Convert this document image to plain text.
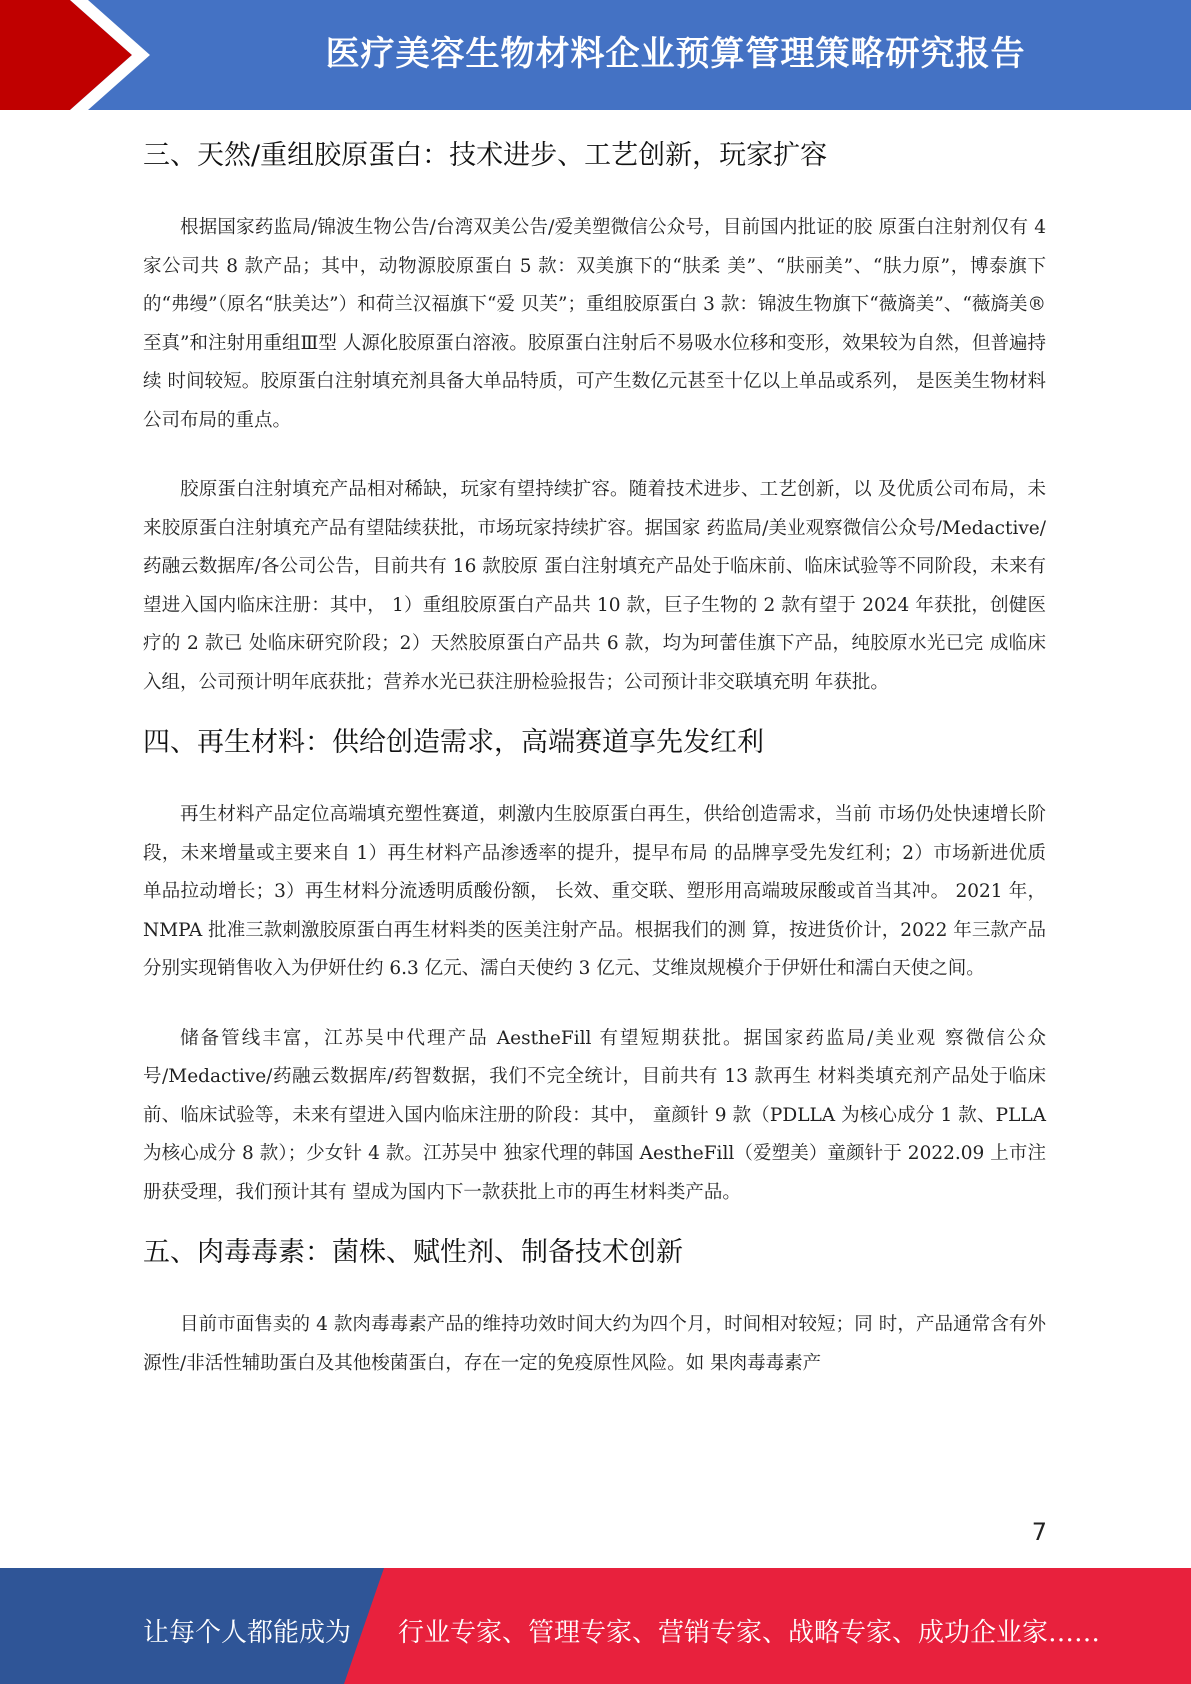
医疗美容生物材料企业预算管理策略研究报告
三、天然/重组胶原蛋白：技术进步、工艺创新，玩家扩容

根据国家药监局/锦波生物公告/台湾双美公告/爱美塑微信公众号，目前国内批证的胶 原蛋白注射剂仅有 4 家公司共 8 款产品；其中，动物源胶原蛋白 5 款：双美旗下的“肤柔 美”、“肤丽美”、“肤力原”，博泰旗下的“弗缦”（原名“肤美达”）和荷兰汉福旗下“爱 贝芙”；重组胶原蛋白 3 款：锦波生物旗下“薇旖美”、“薇旖美®至真”和注射用重组Ⅲ型 人源化胶原蛋白溶液。胶原蛋白注射后不易吸水位移和变形，效果较为自然，但普遍持续 时间较短。胶原蛋白注射填充剂具备大单品特质，可产生数亿元甚至十亿以上单品或系列， 是医美生物材料公司布局的重点。

胶原蛋白注射填充产品相对稀缺，玩家有望持续扩容。随着技术进步、工艺创新，以 及优质公司布局，未来胶原蛋白注射填充产品有望陆续获批，市场玩家持续扩容。据国家 药监局/美业观察微信公众号/Medactive/药融云数据库/各公司公告，目前共有 16 款胶原 蛋白注射填充产品处于临床前、临床试验等不同阶段，未来有望进入国内临床注册：其中， 1）重组胶原蛋白产品共 10 款，巨子生物的 2 款有望于 2024 年获批，创健医疗的 2 款已 处临床研究阶段；2）天然胶原蛋白产品共 6 款，均为珂蕾佳旗下产品，纯胶原水光已完 成临床入组，公司预计明年底获批；营养水光已获注册检验报告；公司预计非交联填充明 年获批。

四、再生材料：供给创造需求，高端赛道享先发红利

再生材料产品定位高端填充塑性赛道，刺激内生胶原蛋白再生，供给创造需求，当前 市场仍处快速增长阶段，未来增量或主要来自 1）再生材料产品渗透率的提升，提早布局 的品牌享受先发红利；2）市场新进优质单品拉动增长；3）再生材料分流透明质酸份额， 长效、重交联、塑形用高端玻尿酸或首当其冲。 2021 年，NMPA 批准三款刺激胶原蛋白再生材料类的医美注射产品。根据我们的测 算，按进货价计，2022 年三款产品分别实现销售收入为伊妍仕约 6.3 亿元、濡白天使约 3 亿元、艾维岚规模介于伊妍仕和濡白天使之间。

储备管线丰富，江苏吴中代理产品 AestheFill 有望短期获批。据国家药监局/美业观 察微信公众号/Medactive/药融云数据库/药智数据，我们不完全统计，目前共有 13 款再生 材料类填充剂产品处于临床前、临床试验等，未来有望进入国内临床注册的阶段：其中， 童颜针 9 款（PDLLA 为核心成分 1 款、PLLA 为核心成分 8 款）；少女针 4 款。江苏吴中 独家代理的韩国 AestheFill（爱塑美）童颜针于 2022.09 上市注册获受理，我们预计其有 望成为国内下一款获批上市的再生材料类产品。

五、肉毒毒素：菌株、赋性剂、制备技术创新

目前市面售卖的 4 款肉毒毒素产品的维持功效时间大约为四个月，时间相对较短；同 时，产品通常含有外源性/非活性辅助蛋白及其他梭菌蛋白，存在一定的免疫原性风险。如 果肉毒毒素产

7
让每个人都能成为 行业专家、管理专家、营销专家、战略专家、成功企业家……
